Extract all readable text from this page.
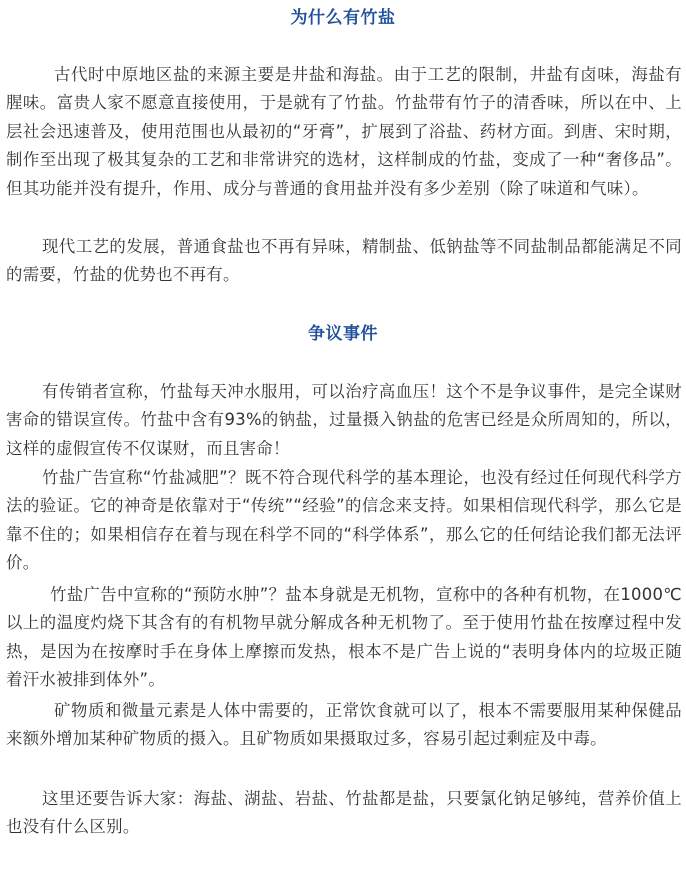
为什么有竹盐
古代时中原地区盐的来源主要是井盐和海盐。由于工艺的限制，井盐有卤味，海盐有腥味。富贵人家不愿意直接使用，于是就有了竹盐。竹盐带有竹子的清香味，所以在中、上层社会迅速普及，使用范围也从最初的“牙膏”，扩展到了浴盐、药材方面。到唐、宋时期，制作至出现了极其复杂的工艺和非常讲究的选材，这样制成的竹盐，变成了一种“奢侈品”。但其功能并没有提升，作用、成分与普通的食用盐并没有多少差别（除了味道和气味）。
现代工艺的发展，普通食盐也不再有异味，精制盐、低钠盐等不同盐制品都能满足不同的需要，竹盐的优势也不再有。
争议事件
有传销者宣称，竹盐每天冲水服用，可以治疗高血压！这个不是争议事件，是完全谋财害命的错误宣传。竹盐中含有93%的钠盐，过量摄入钠盐的危害已经是众所周知的，所以，这样的虚假宣传不仅谋财，而且害命！
竹盐广告宣称“竹盐减肥”？既不符合现代科学的基本理论，也没有经过任何现代科学方法的验证。它的神奇是依靠对于“传统”“经验”的信念来支持。如果相信现代科学，那么它是靠不住的；如果相信存在着与现在科学不同的“科学体系”，那么它的任何结论我们都无法评价。
竹盐广告中宣称的“预防水肿”？盐本身就是无机物，宣称中的各种有机物，在1000℃以上的温度灼烧下其含有的有机物早就分解成各种无机物了。至于使用竹盐在按摩过程中发热，是因为在按摩时手在身体上摩擦而发热，根本不是广告上说的“表明身体内的垃圾正随着汗水被排到体外”。
矿物质和微量元素是人体中需要的，正常饮食就可以了，根本不需要服用某种保健品来额外增加某种矿物质的摄入。且矿物质如果摄取过多，容易引起过剩症及中毒。
这里还要告诉大家：海盐、湖盐、岩盐、竹盐都是盐，只要氯化钠足够纯，营养价值上也没有什么区别。
